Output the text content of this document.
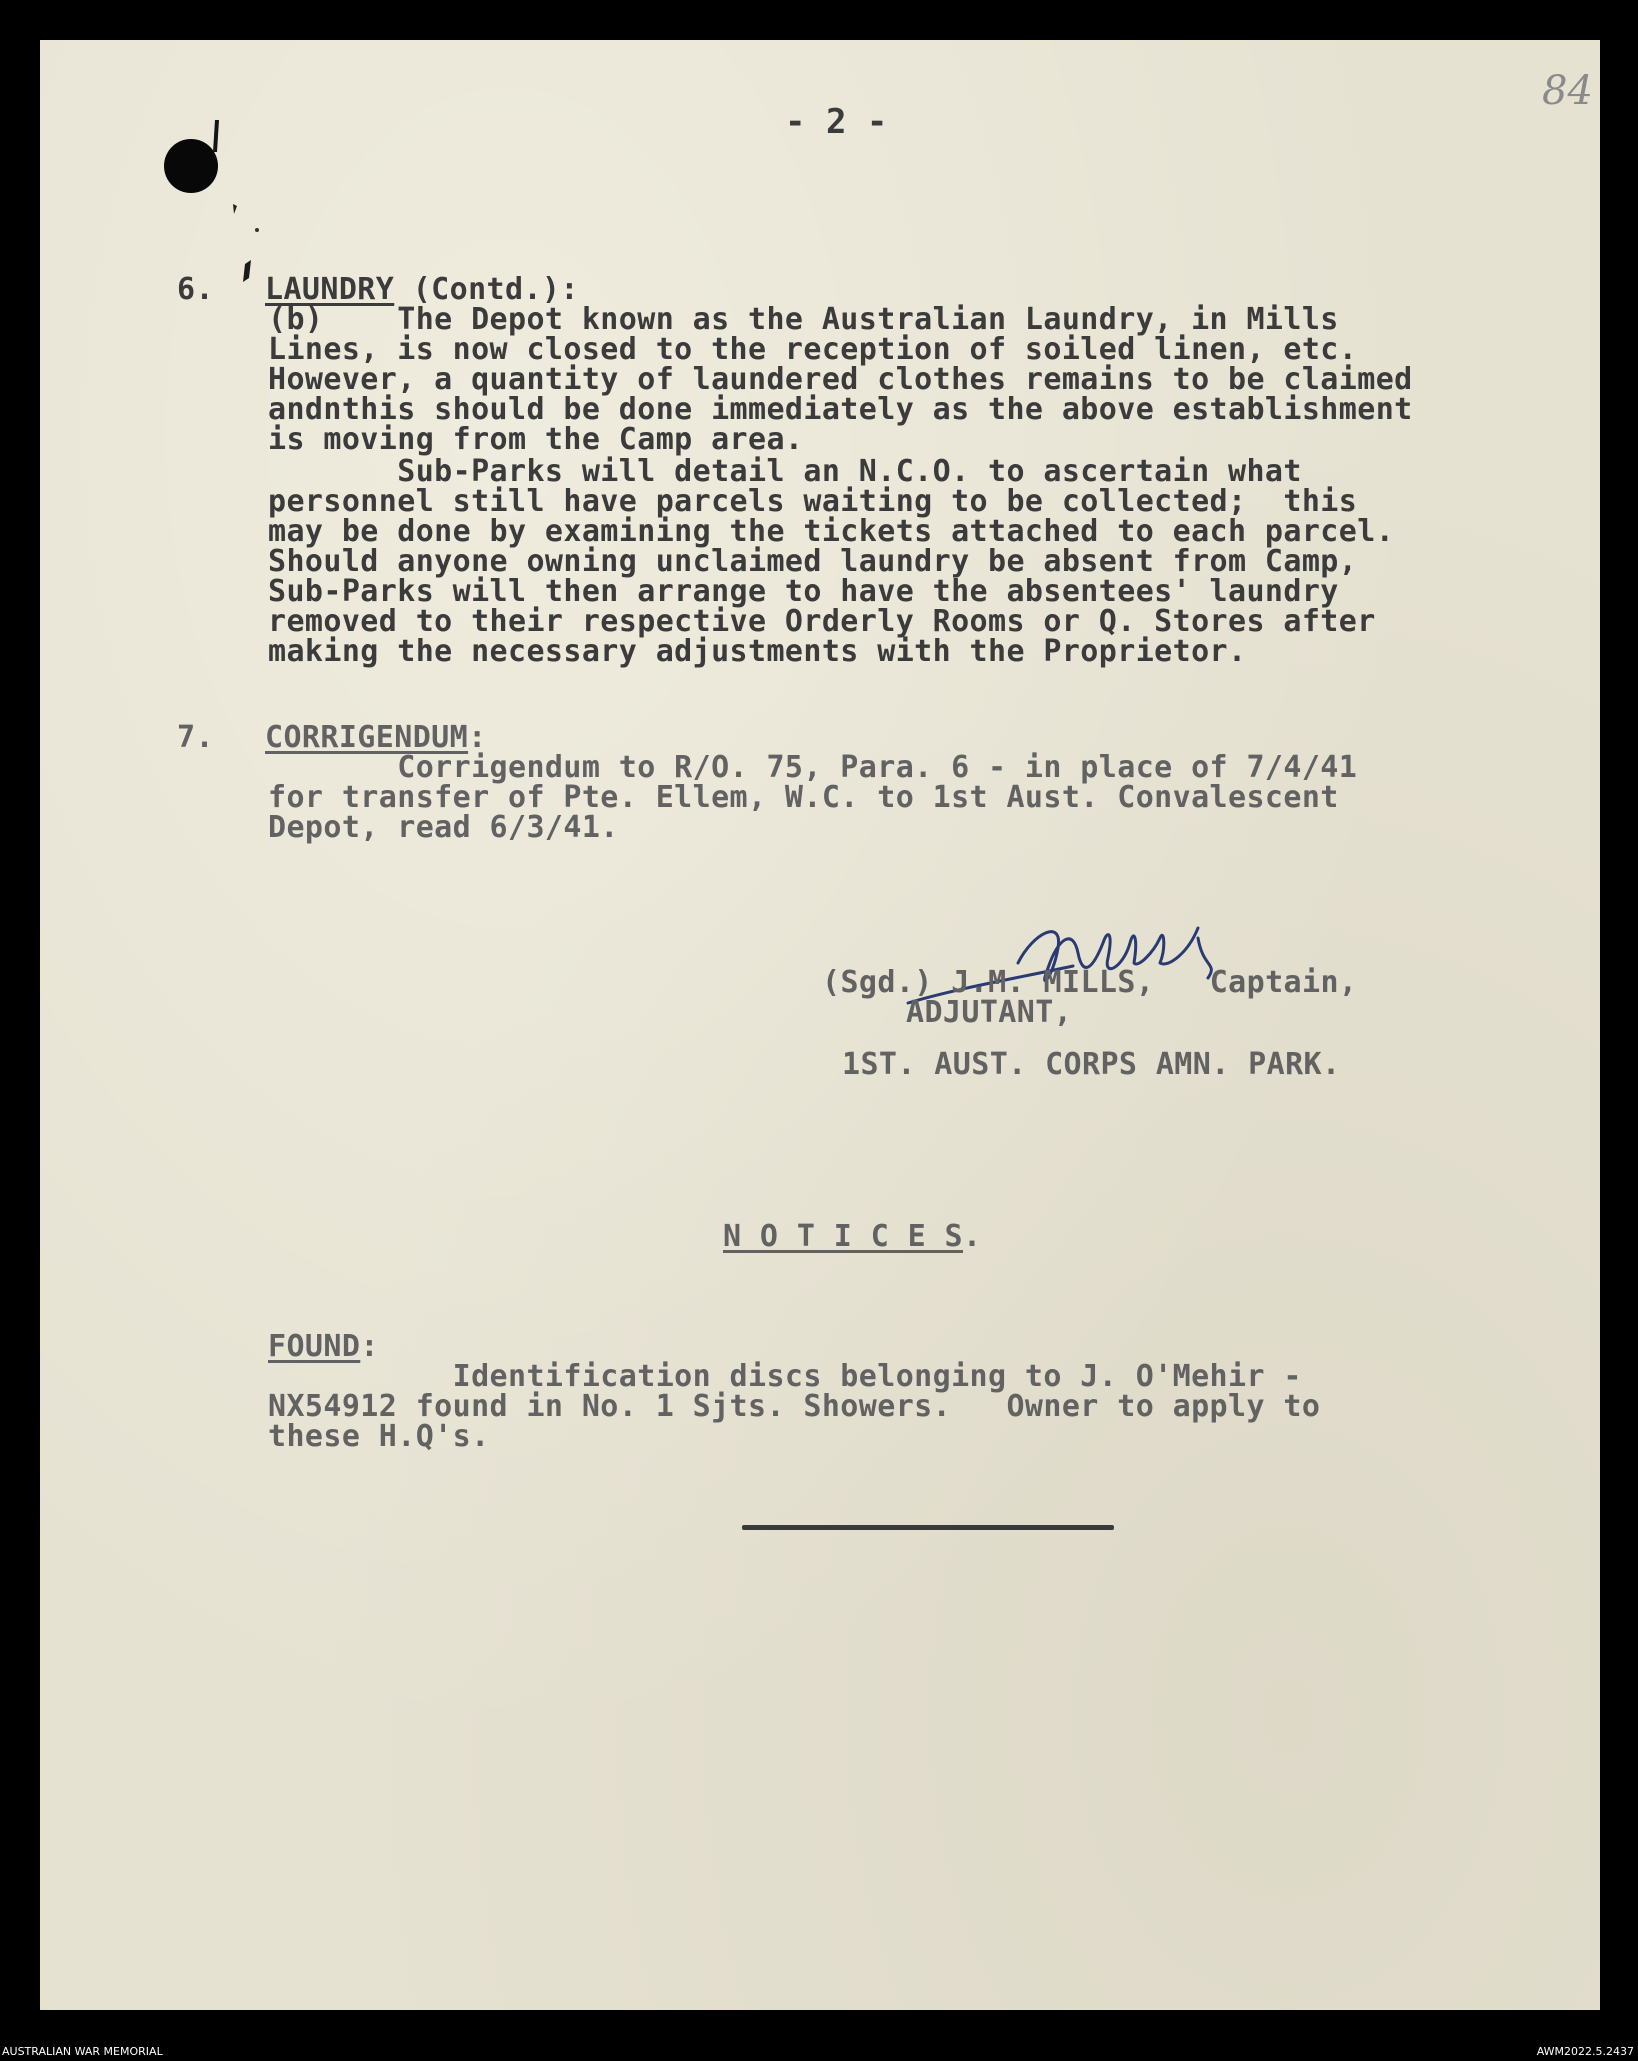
- 2 -
84
6. LAUNDRY (Contd.):
(b)    The Depot known as the Australian Laundry, in Mills
Lines, is now closed to the reception of soiled linen, etc.
However, a quantity of laundered clothes remains to be claimed
andnthis should be done immediately as the above establishment
is moving from the Camp area.
Sub-Parks will detail an N.C.O. to ascertain what
personnel still have parcels waiting to be collected;  this
may be done by examining the tickets attached to each parcel.
Should anyone owning unclaimed laundry be absent from Camp,
Sub-Parks will then arrange to have the absentees' laundry
removed to their respective Orderly Rooms or Q. Stores after
making the necessary adjustments with the Proprietor.
7. CORRIGENDUM:
Corrigendum to R/O. 75, Para. 6 - in place of 7/4/41
for transfer of Pte. Ellem, W.C. to 1st Aust. Convalescent
Depot, read 6/3/41.
(Sgd.) J.M. MILLS,   Captain,
ADJUTANT,
1ST. AUST. CORPS AMN. PARK.
N O T I C E S.
FOUND:
Identification discs belonging to J. O'Mehir -
NX54912 found in No. 1 Sjts. Showers.   Owner to apply to
these H.Q's.
AUSTRALIAN WAR MEMORIAL	AWM2022.5.2437
